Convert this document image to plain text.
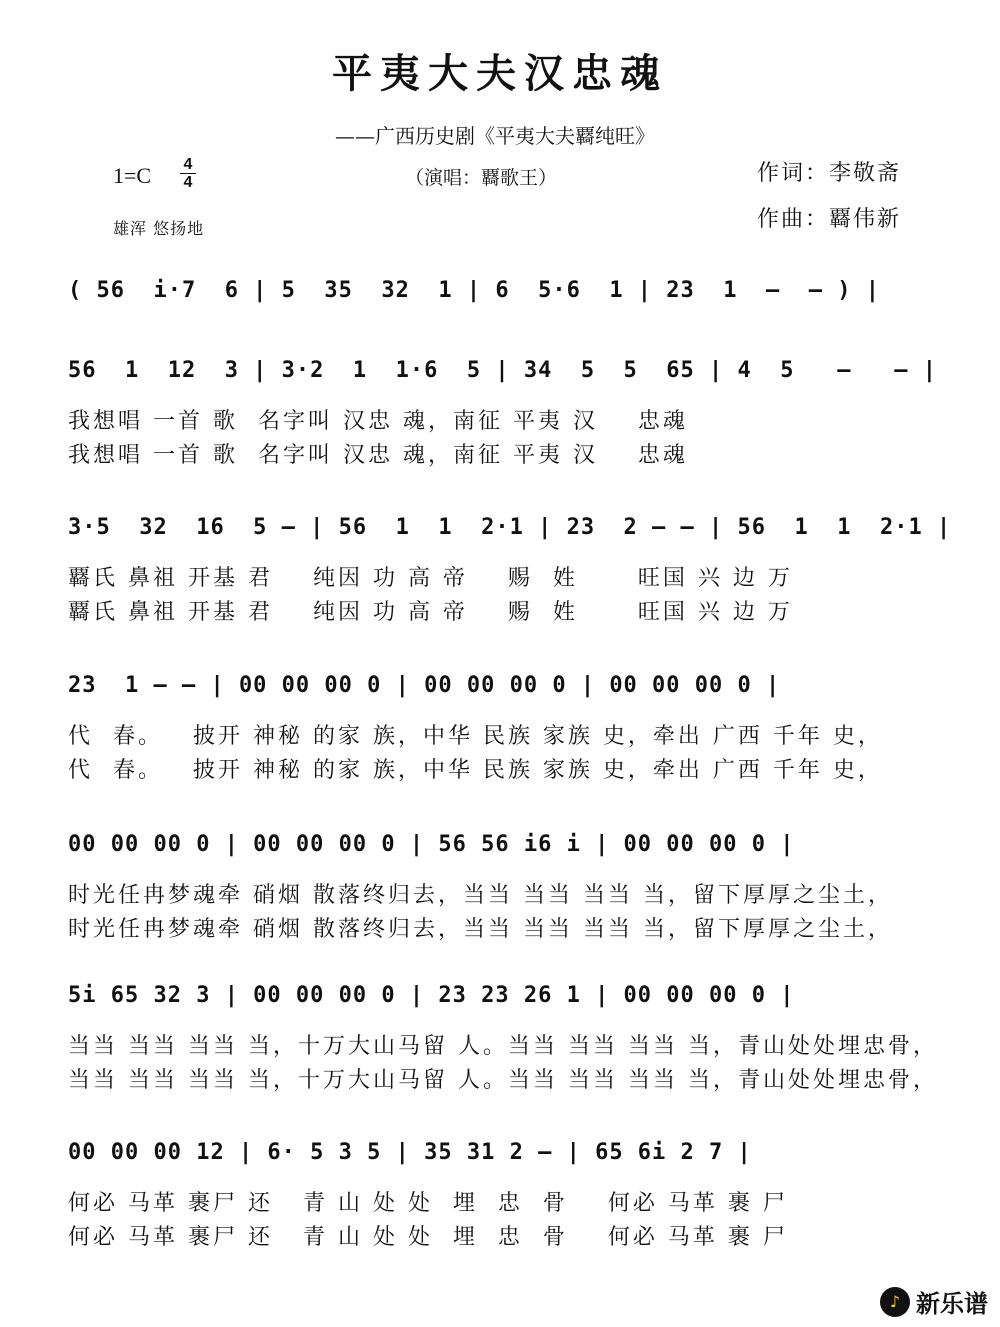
平夷大夫汉忠魂
——广西历史剧《平夷大夫覉纯旺》
$1=C \frac{4}{4}$	（演唱：覉歌王）	作词：李敬斋
作曲：覉伟新
雄浑 悠扬地
( 56  i·7  6 | 5  35  32  1 | 6  5·6  1 | 23  1  –  – ) |
56  1  12  3 | 3·2  1  1·6  5 | 34  5  5  65 | 4  5   –   – |
我想唱 一首 歌  名字叫 汉忠 魂，南征 平夷 汉    忠魂
我想唱 一首 歌  名字叫 汉忠 魂，南征 平夷 汉    忠魂
3·5  32  16  5 – | 56  1  1  2·1 | 23  2 – – | 56  1  1  2·1 |
覉氏 鼻祖 开基 君    纯因 功 高 帝    赐  姓      旺国 兴 边 万
覉氏 鼻祖 开基 君    纯因 功 高 帝    赐  姓      旺国 兴 边 万
23  1 – – | 00 00 00 0 | 00 00 00 0 | 00 00 00 0 |
代  春。   披开 神秘 的家 族，中华 民族 家族 史，牵出 广西 千年 史，
代  春。   披开 神秘 的家 族，中华 民族 家族 史，牵出 广西 千年 史，
00 00 00 0 | 00 00 00 0 | 56 56 i6 i | 00 00 00 0 |
时光任冉梦魂牵 硝烟 散落终归去，当当 当当 当当 当，留下厚厚之尘土，
时光任冉梦魂牵 硝烟 散落终归去，当当 当当 当当 当，留下厚厚之尘土，
5i 65 32 3 | 00 00 00 0 | 23 23 26 1 | 00 00 00 0 |
当当 当当 当当 当，十万大山马留 人。当当 当当 当当 当，青山处处埋忠骨，
当当 当当 当当 当，十万大山马留 人。当当 当当 当当 当，青山处处埋忠骨，
00 00 00 12 | 6· 5 3 5 | 35 31 2 – | 65 6i 2 7 |
何必 马革 裹尸 还   青 山 处 处  埋  忠  骨    何必 马革 裹 尸
何必 马革 裹尸 还   青 山 处 处  埋  忠  骨    何必 马革 裹 尸
♪ 新乐谱
